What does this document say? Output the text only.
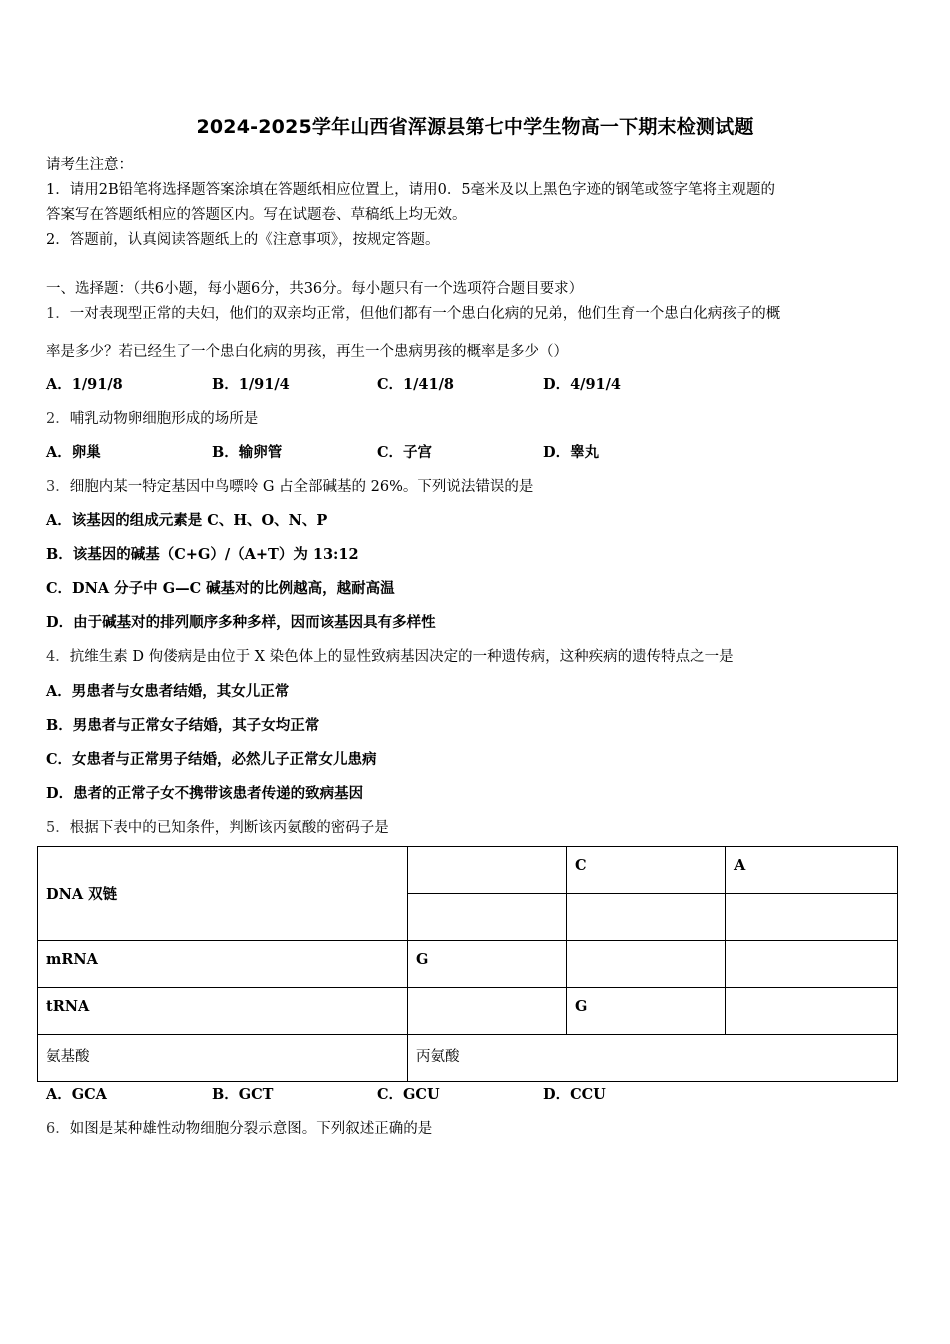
2024-2025学年山西省浑源县第七中学生物高一下期末检测试题
请考生注意：
1．请用2B铅笔将选择题答案涂填在答题纸相应位置上，请用0．5毫米及以上黑色字迹的钢笔或签字笔将主观题的
答案写在答题纸相应的答题区内。写在试题卷、草稿纸上均无效。
2．答题前，认真阅读答题纸上的《注意事项》，按规定答题。
一、选择题：（共6小题，每小题6分，共36分。每小题只有一个选项符合题目要求）
1．一对表现型正常的夫妇，他们的双亲均正常，但他们都有一个患白化病的兄弟，他们生育一个患白化病孩子的概
率是多少？若已经生了一个患白化病的男孩，再生一个患病男孩的概率是多少（）
A．1/91/8	B．1/91/4	C．1/41/8	D．4/91/4
2．哺乳动物卵细胞形成的场所是
A．卵巢	B．输卵管	C．子宫	D．睾丸
3．细胞内某一特定基因中鸟嘌呤 G 占全部碱基的 26%。下列说法错误的是
A．该基因的组成元素是 C、H、O、N、P
B．该基因的碱基（C+G）/（A+T）为 13:12
C．DNA 分子中 G—C 碱基对的比例越高，越耐高温
D．由于碱基对的排列顺序多种多样，因而该基因具有多样性
4．抗维生素 D 佝偻病是由位于 X 染色体上的显性致病基因决定的一种遗传病，这种疾病的遗传特点之一是
A．男患者与女患者结婚，其女儿正常
B．男患者与正常女子结婚，其子女均正常
C．女患者与正常男子结婚，必然儿子正常女儿患病
D．患者的正常子女不携带该患者传递的致病基因
5．根据下表中的已知条件，判断该丙氨酸的密码子是
DNA 双链		C	A

mRNA	G		
tRNA		G	
氨基酸	丙氨酸		
A．GCA	B．GCT	C．GCU	D．CCU
6．如图是某种雄性动物细胞分裂示意图。下列叙述正确的是
